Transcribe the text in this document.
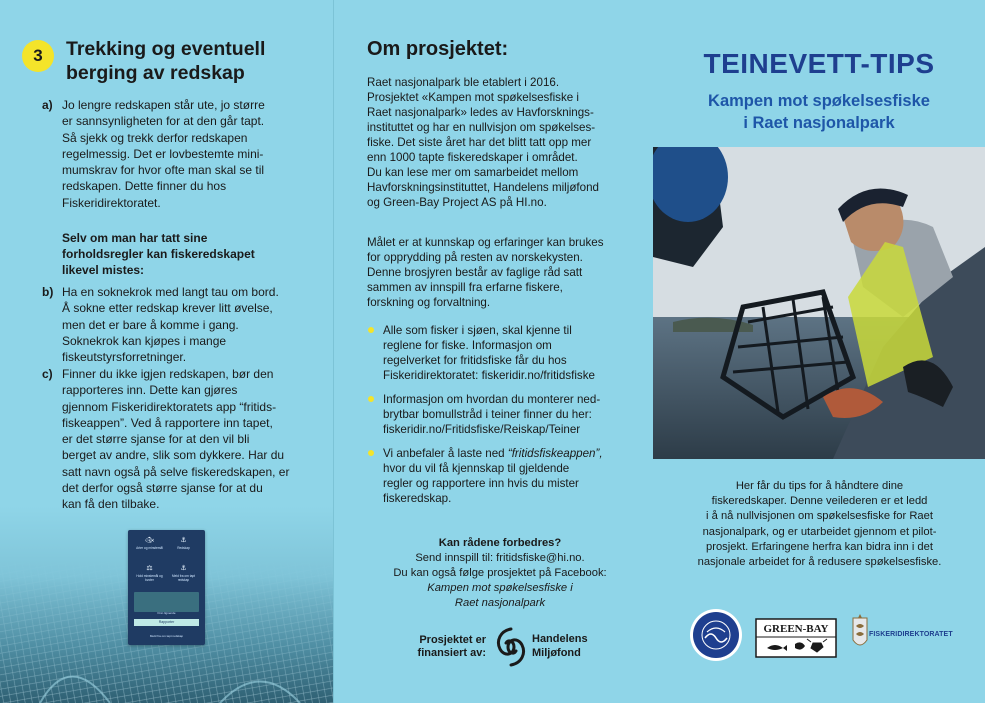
3	Trekking og eventuell
berging av redskap
a) Jo lengre redskapen står ute, jo større
er sannsynligheten for at den går tapt.
Så sjekk og trekk derfor redskapen
regelmessig. Det er lovbestemte mini-
mumskrav for hvor ofte man skal se til
redskapen. Dette finner du hos
Fiskeridirektoratet.
Selv om man har tatt sine
forholdsregler kan fiskeredskapet
likevel mistes:
b) Ha en soknekrok med langt tau om bord.
Å sokne etter redskap krever litt øvelse,
men det er bare å komme i gang.
Soknekrok kan kjøpes i mange
fiskeutstyrsforretninger.
c) Finner du ikke igjen redskapen, bør den
rapporteres inn. Dette kan gjøres
gjennom Fiskeridirektoratets app “fritids-
fiskeappen”. Ved å rapportere inn tapet,
er det større sjanse for at den vil bli
berget av andre, slik som dykkere. Har du
satt navn også på selve fiskeredskapen, er
det derfor også større sjanse for at du
kan få den tilbake.
🐟︎
Arter og minstemål
⚓︎
Redskap
⚖︎
Hold minstemål og kvoter
⚓︎
Meld fra om tapt redskap
Finn lignende
Rapporter
Meld fra om tapt redskap
Om prosjektet:
Raet nasjonalpark ble etablert i 2016.
Prosjektet «Kampen mot spøkelsesfiske i
Raet nasjonalpark» ledes av Havforsknings-
instituttet og har en nullvisjon om spøkelses-
fiske. Det siste året har det blitt tatt opp mer
enn 1000 tapte fiskeredskaper i området.
Du kan lese mer om samarbeidet mellom
Havforskningsinstituttet, Handelens miljøfond
og Green-Bay Project AS på HI.no.
Målet er at kunnskap og erfaringer kan brukes
for opprydding på resten av norskekysten.
Denne brosjyren består av faglige råd satt
sammen av innspill fra erfarne fiskere,
forskning og forvaltning.
Alle som fisker i sjøen, skal kjenne til
reglene for fiske. Informasjon om
regelverket for fritidsfiske får du hos
Fiskeridirektoratet: fiskeridir.no/fritidsfiske
Informasjon om hvordan du monterer ned-
brytbar bomullstråd i teiner finner du her:
fiskeridir.no/Fritidsfiske/Reiskap/Teiner
Vi anbefaler å laste ned “fritidsfiskeappen”,
hvor du vil få kjennskap til gjeldende
regler og rapportere inn hvis du mister
fiskeredskap.
Kan rådene forbedres?
Send innspill til: fritidsfiske@hi.no.
Du kan også følge prosjektet på Facebook:
Kampen mot spøkelsesfiske i
Raet nasjonalpark
Prosjektet er
finansiert av:
Handelens
Miljøfond
TEINEVETT-TIPS
Kampen mot spøkelsesfiske
i Raet nasjonalpark
Her får du tips for å håndtere dine
fiskeredskaper. Denne veilederen er et ledd
i å nå nullvisjonen om spøkelsesfiske for Raet
nasjonalpark, og er utarbeidet gjennom et pilot-
prosjekt. Erfaringene herfra kan bidra inn i det
nasjonale arbeidet for å redusere spøkelsesfiske.
GREEN-BAY	FISKERIDIREKTORATET
